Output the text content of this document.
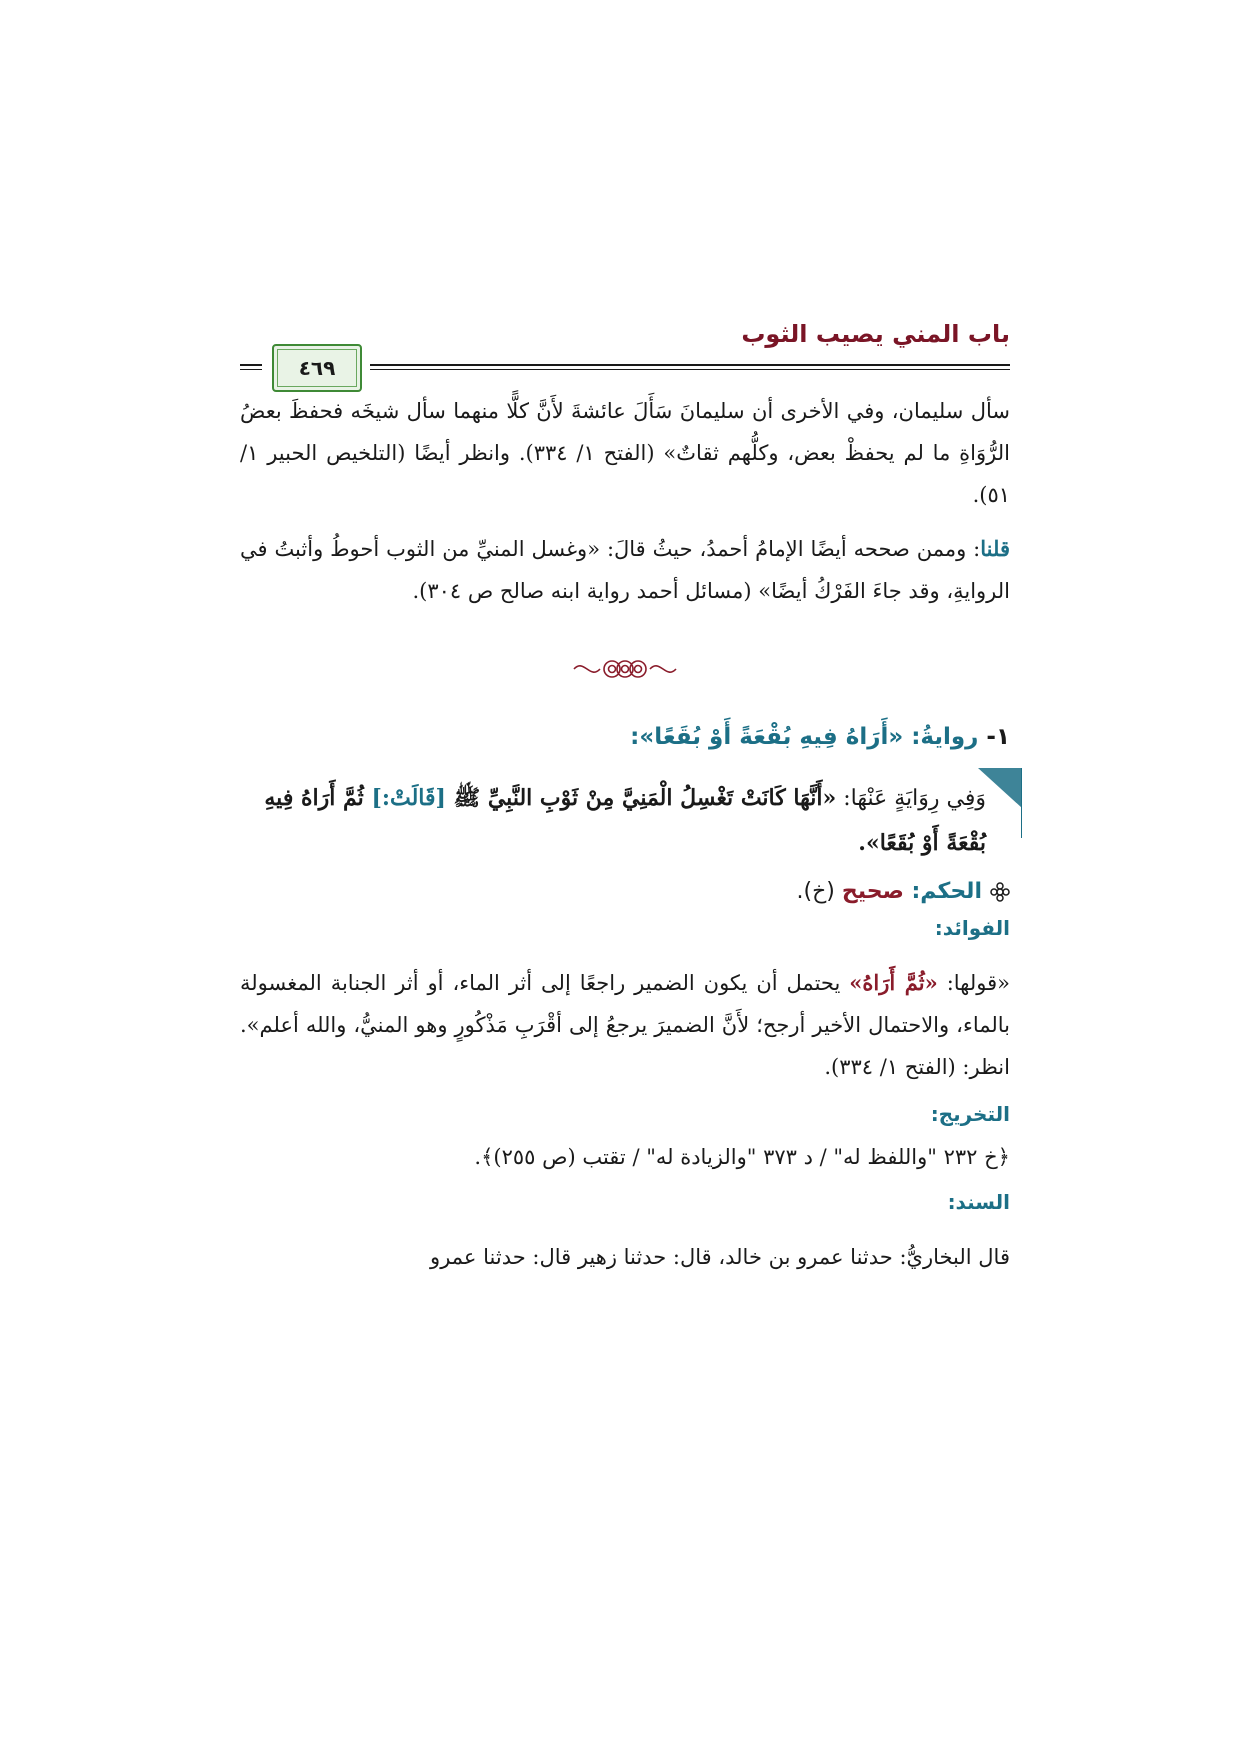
باب المني يصيب الثوب
٤٦٩

سأل سليمان، وفي الأخرى أن سليمانَ سَأَلَ عائشةَ لأَنَّ كلًّا منهما سأل شيخَه فحفظَ بعضُ الرُّوَاةِ ما لم يحفظْ بعض، وكلُّهم ثقاتٌ» (الفتح ١/ ٣٣٤). وانظر أيضًا (التلخيص الحبير ١/ ٥١).

قلنا: وممن صححه أيضًا الإمامُ أحمدُ، حيثُ قالَ: «وغسل المنيِّ من الثوب أحوطُ وأثبتُ في الروايةِ، وقد جاءَ الفَرْكُ أيضًا» (مسائل أحمد رواية ابنه صالح ص ٣٠٤).

١-روايةُ: «أَرَاهُ فِيهِ بُقْعَةً أَوْ بُقَعًا»:

وَفِي رِوَايَةٍ عَنْهَا: «أَنَّهَا كَانَتْ تَغْسِلُ الْمَنِيَّ مِنْ ثَوْبِ النَّبِيِّ ﷺ [قَالَتْ:] ثُمَّ أَرَاهُ فِيهِ بُقْعَةً أَوْ بُقَعًا».

الحكم: صحيح (خ).
الفوائد:

«قولها: «ثُمَّ أَرَاهُ» يحتمل أن يكون الضمير راجعًا إلى أثر الماء، أو أثر الجنابة المغسولة بالماء، والاحتمال الأخير أرجح؛ لأَنَّ الضميرَ يرجعُ إلى أقْرَبِ مَذْكُورٍ وهو المنيُّ، والله أعلم». انظر: (الفتح ١/ ٣٣٤).

التخريج:

﴿خ ٢٣٢ "واللفظ له" / د ٣٧٣ "والزيادة له" / تقتب (ص ٢٥٥)﴾.

السند:

قال البخاريُّ: حدثنا عمرو بن خالد، قال: حدثنا زهير قال: حدثنا عمرو
